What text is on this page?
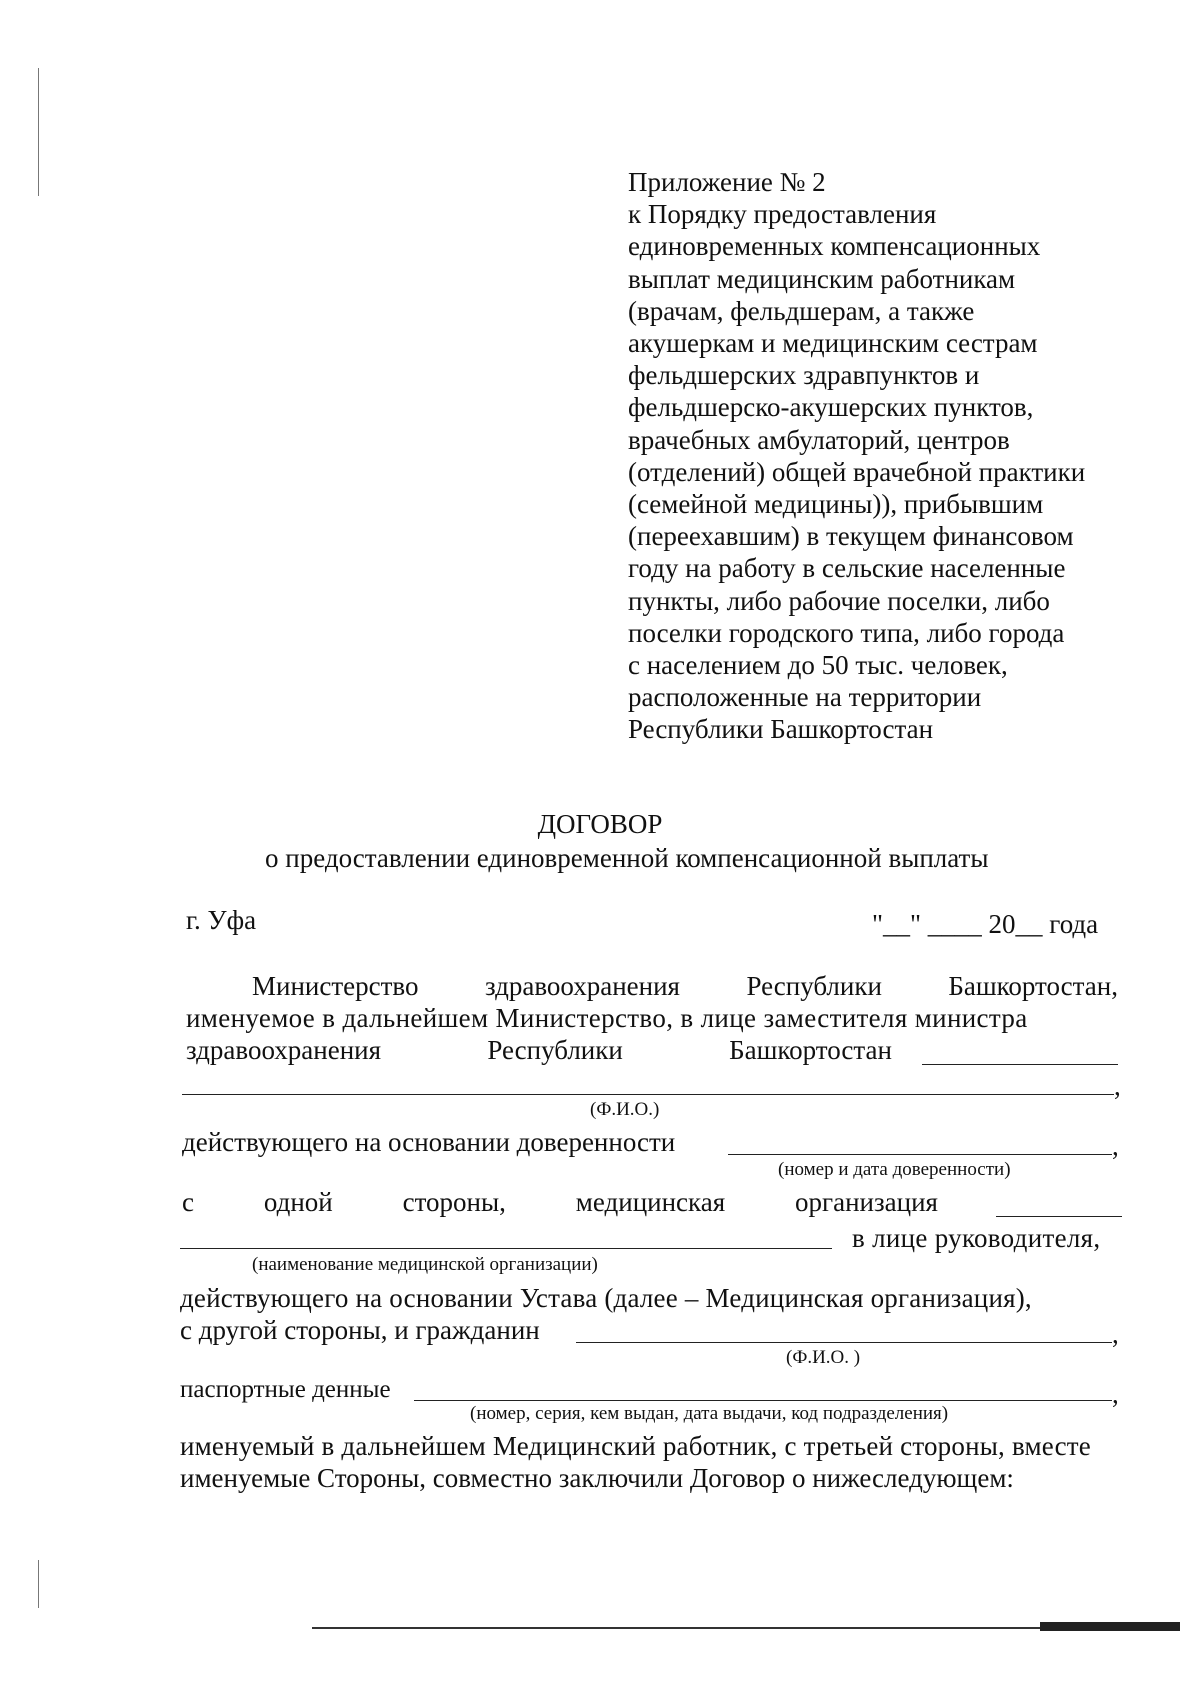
Приложение № 2
к Порядку предоставления
единовременных компенсационных
выплат медицинским работникам
(врачам, фельдшерам, а также
акушеркам и медицинским сестрам
фельдшерских здравпунктов и
фельдшерско-акушерских пунктов,
врачебных амбулаторий, центров
(отделений) общей врачебной практики
(семейной медицины)), прибывшим
(переехавшим) в текущем финансовом
году на работу в сельские населенные
пункты, либо рабочие поселки, либо
поселки городского типа, либо города
с населением до 50 тыс. человек,
расположенные на территории
Республики Башкортостан
ДОГОВОР
о предоставлении единовременной компенсационной выплаты
г. Уфа	"__" ____ 20__ года
Министерство здравоохранения Республики Башкортостан,
именуемое в дальнейшем Министерство, в лице заместителя министра
здравоохранения	Республики	Башкортостан
,
(Ф.И.О.)
действующего на основании доверенности	,
(номер и дата доверенности)
с	одной	стороны,	медицинская	организация
в лице руководителя,
(наименование медицинской организации)
действующего на основании Устава (далее – Медицинская организация),
с другой стороны, и гражданин	,
(Ф.И.О. )
паспортные денные	,
(номер, серия, кем выдан, дата выдачи, код подразделения)
именуемый в дальнейшем Медицинский работник, с третьей стороны, вместе
именуемые Стороны, совместно заключили Договор о нижеследующем:
